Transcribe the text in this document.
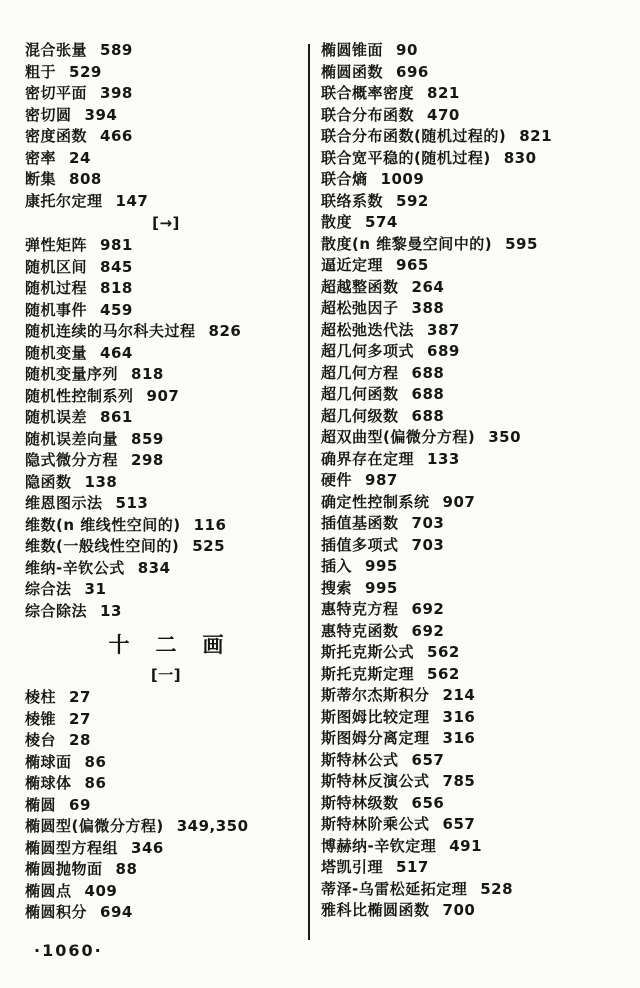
混合张量 589
粗于 529
密切平面 398
密切圆 394
密度函数 466
密率 24
断集 808
康托尔定理 147
[→]
弹性矩阵 981
随机区间 845
随机过程 818
随机事件 459
随机连续的马尔科夫过程 826
随机变量 464
随机变量序列 818
随机性控制系列 907
随机误差 861
随机误差向量 859
隐式微分方程 298
隐函数 138
维恩图示法 513
维数(n 维线性空间的) 116
维数(一般线性空间的) 525
维纳-辛钦公式 834
综合法 31
综合除法 13
十二画
[一]
棱柱 27
棱锥 27
棱台 28
椭球面 86
椭球体 86
椭圆 69
椭圆型(偏微分方程) 349,350
椭圆型方程组 346
椭圆抛物面 88
椭圆点 409
椭圆积分 694
椭圆锥面 90
椭圆函数 696
联合概率密度 821
联合分布函数 470
联合分布函数(随机过程的) 821
联合宽平稳的(随机过程) 830
联合熵 1009
联络系数 592
散度 574
散度(n 维黎曼空间中的) 595
逼近定理 965
超越整函数 264
超松弛因子 388
超松弛迭代法 387
超几何多项式 689
超几何方程 688
超几何函数 688
超几何级数 688
超双曲型(偏微分方程) 350
确界存在定理 133
硬件 987
确定性控制系统 907
插值基函数 703
插值多项式 703
插入 995
搜索 995
惠特克方程 692
惠特克函数 692
斯托克斯公式 562
斯托克斯定理 562
斯蒂尔杰斯积分 214
斯图姆比较定理 316
斯图姆分离定理 316
斯特林公式 657
斯特林反演公式 785
斯特林级数 656
斯特林阶乘公式 657
博赫纳-辛钦定理 491
塔凯引理 517
蒂泽-乌雷松延拓定理 528
雅科比椭圆函数 700
·1060·
